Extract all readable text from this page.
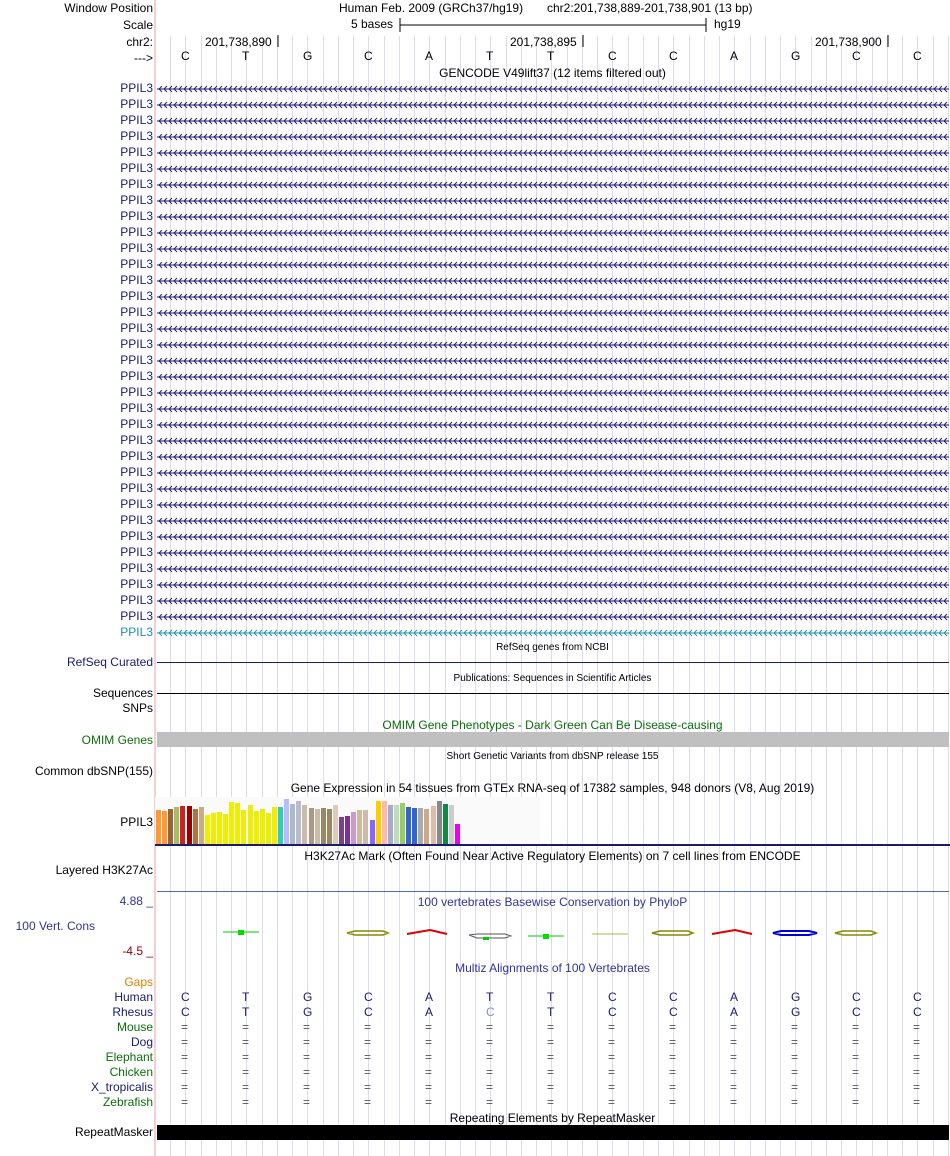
Window Position	Human Feb. 2009 (GRCh37/hg19) chr2:201,738,889-201,738,901 (13 bp)
Scale	5 bases	hg19
chr2:	201,738,890	201,738,895	201,738,900
---> C	T	G	C	A	T	T	C	C	A	G	C	C
GENCODE V49lift37 (12 items filtered out)
PPIL3
PPIL3
PPIL3
PPIL3
PPIL3
PPIL3
PPIL3
PPIL3
PPIL3
PPIL3
PPIL3
PPIL3
PPIL3
PPIL3
PPIL3
PPIL3
PPIL3
PPIL3
PPIL3
PPIL3
PPIL3
PPIL3
PPIL3
PPIL3
PPIL3
PPIL3
PPIL3
PPIL3
PPIL3
PPIL3
PPIL3
PPIL3
PPIL3
PPIL3
PPIL3
RefSeq genes from NCBI
RefSeq Curated
Publications: Sequences in Scientific Articles
Sequences
SNPs
OMIM Gene Phenotypes - Dark Green Can Be Disease-causing
OMIM Genes
Short Genetic Variants from dbSNP release 155
Common dbSNP(155)
Gene Expression in 54 tissues from GTEx RNA-seq of 17382 samples, 948 donors (V8, Aug 2019)
PPIL3
H3K27Ac Mark (Often Found Near Active Regulatory Elements) on 7 cell lines from ENCODE
Layered H3K27Ac
100 vertebrates Basewise Conservation by PhyloP
4.88 _
100 Vert. Cons
-4.5 _
Multiz Alignments of 100 Vertebrates
Gaps
Human C	T	G	C	A	T	T	C	C	A	G	C	C
Rhesus C	T	G	C	A	C	T	C	C	A	G	C	C
Mouse =	=	=	=	=	=	=	=	=	=	=	=	=
Dog =	=	=	=	=	=	=	=	=	=	=	=	=
Elephant =	=	=	=	=	=	=	=	=	=	=	=	=
Chicken =	=	=	=	=	=	=	=	=	=	=	=	=
X_tropicalis =	=	=	=	=	=	=	=	=	=	=	=	=
Zebrafish =	=	=	=	=	=	=	=	=	=	=	=	=
Repeating Elements by RepeatMasker
RepeatMasker
